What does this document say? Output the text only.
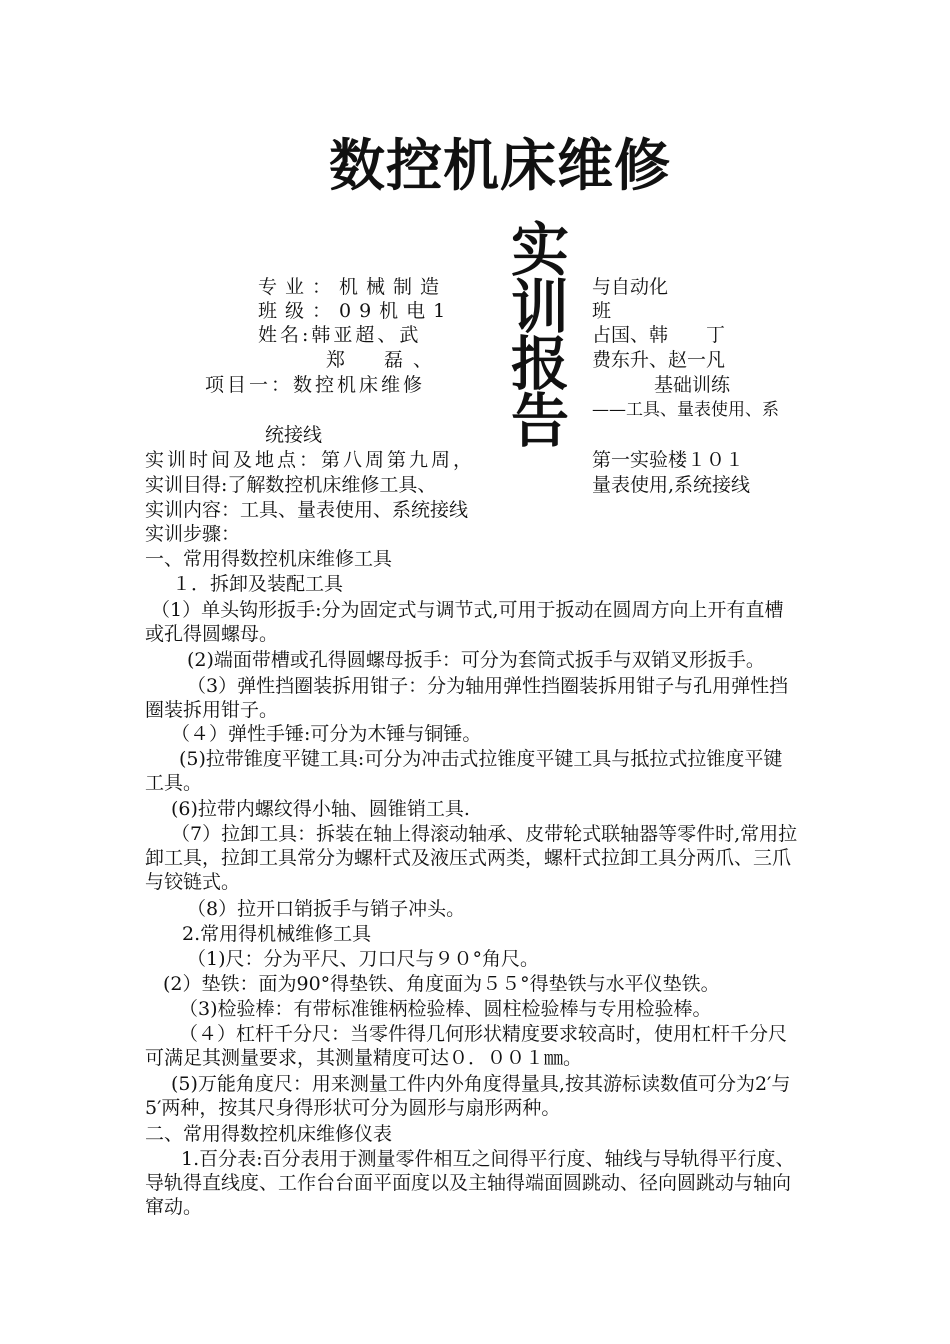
数控机床维修
实
训
报
告
专业：机械制造
班级：09机电1
姓名:韩亚超、武
郑　磊、
项目一：数控机床维修
与自动化
班
占国、韩　　丁
费东升、赵一凡
基础训练
——工具、量表使用、系
统接线
实训时间及地点：第八周第九周，	第一实验楼１０１
实训目得:了解数控机床维修工具、	量表使用,系统接线
实训内容：工具、量表使用、系统接线
实训步骤：
一、常用得数控机床维修工具
１．拆卸及装配工具
（1）单头钩形扳手:分为固定式与调节式,可用于扳动在圆周方向上开有直槽或孔得圆螺母。
(2)端面带槽或孔得圆螺母扳手：可分为套筒式扳手与双销叉形扳手。
（3）弹性挡圈装拆用钳子：分为轴用弹性挡圈装拆用钳子与孔用弹性挡圈装拆用钳子。
（４）弹性手锤:可分为木锤与铜锤。
(5)拉带锥度平键工具:可分为冲击式拉锥度平键工具与抵拉式拉锥度平键工具。
(6)拉带内螺纹得小轴、圆锥销工具.
（7）拉卸工具：拆装在轴上得滚动轴承、皮带轮式联轴器等零件时,常用拉卸工具，拉卸工具常分为螺杆式及液压式两类，螺杆式拉卸工具分两爪、三爪与铰链式。
（8）拉开口销扳手与销子冲头。
2.常用得机械维修工具
（1)尺：分为平尺、刀口尺与９０°角尺。
(2）垫铁：面为90°得垫铁、角度面为５５°得垫铁与水平仪垫铁。
（3)检验棒：有带标准锥柄检验棒、圆柱检验棒与专用检验棒。
（４）杠杆千分尺：当零件得几何形状精度要求较高时，使用杠杆千分尺可满足其测量要求，其测量精度可达０．００１㎜。
(5)万能角度尺：用来测量工件内外角度得量具,按其游标读数值可分为2′与5′两种，按其尺身得形状可分为圆形与扇形两种。
二、常用得数控机床维修仪表
1.百分表:百分表用于测量零件相互之间得平行度、轴线与导轨得平行度、导轨得直线度、工作台台面平面度以及主轴得端面圆跳动、径向圆跳动与轴向窜动。
